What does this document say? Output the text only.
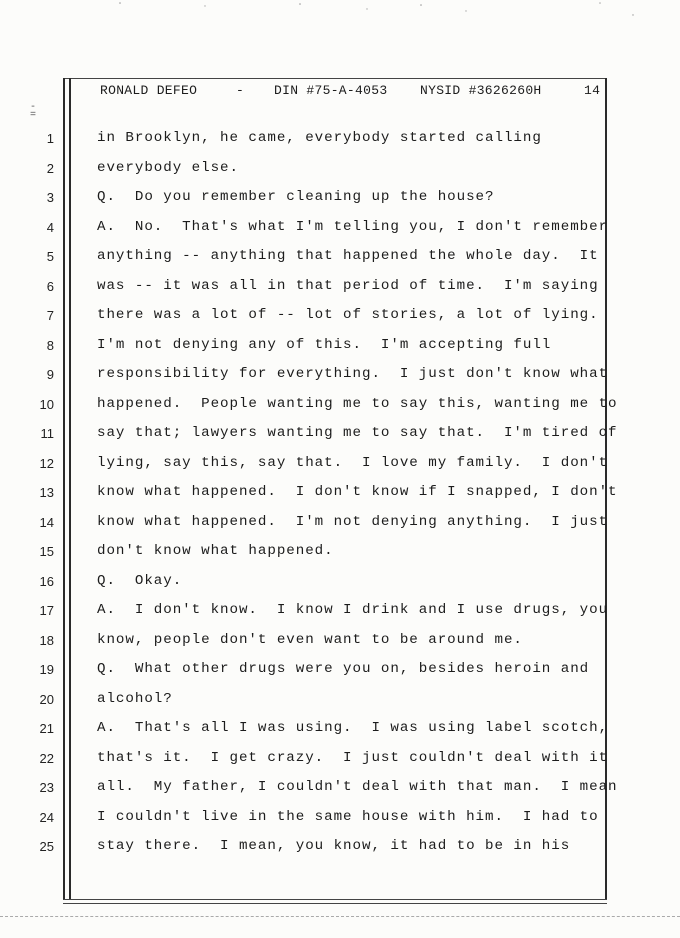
-
=

RONALD DEFEO

	-

DIN #75-A-4053

	NYSID #3626260H

	14

1	in Brooklyn, he came, everybody started calling
2	everybody else.
3	Q.  Do you remember cleaning up the house?
4	A.  No.  That's what I'm telling you, I don't remember
5	anything -- anything that happened the whole day.  It
6	was -- it was all in that period of time.  I'm saying
7	there was a lot of -- lot of stories, a lot of lying.
8	I'm not denying any of this.  I'm accepting full
9	responsibility for everything.  I just don't know what
10	happened.  People wanting me to say this, wanting me to
11	say that; lawyers wanting me to say that.  I'm tired of
12	lying, say this, say that.  I love my family.  I don't
13	know what happened.  I don't know if I snapped, I don't
14	know what happened.  I'm not denying anything.  I just
15	don't know what happened.
16	Q.  Okay.
17	A.  I don't know.  I know I drink and I use drugs, you
18	know, people don't even want to be around me.
19	Q.  What other drugs were you on, besides heroin and
20	alcohol?
21	A.  That's all I was using.  I was using label scotch,
22	that's it.  I get crazy.  I just couldn't deal with it
23	all.  My father, I couldn't deal with that man.  I mean
24	I couldn't live in the same house with him.  I had to
25	stay there.  I mean, you know, it had to be in his
